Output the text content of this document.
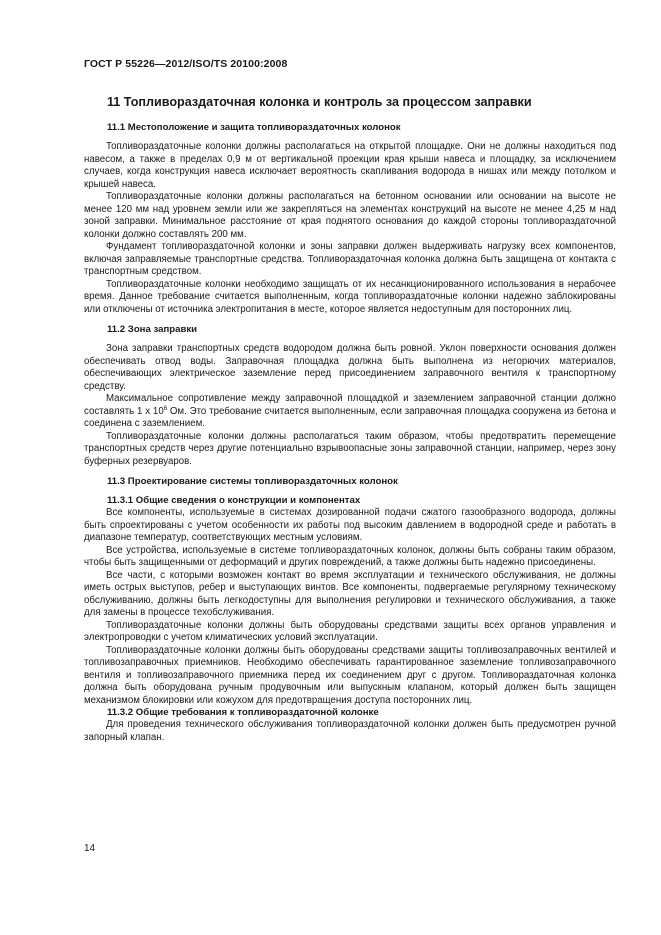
ГОСТ Р 55226—2012/ISO/TS 20100:2008
11 Топливораздаточная колонка и контроль за процессом заправки
11.1 Местоположение и защита топливораздаточных колонок

Топливораздаточные колонки должны располагаться на открытой площадке. Они не должны находиться под навесом, а также в пределах 0,9 м от вертикальной проекции края крыши навеса и площадку, за исключением случаев, когда конструкция навеса исключает вероятность скапливания водорода в нишах или между потолком и крышей навеса.

Топливораздаточные колонки должны располагаться на бетонном основании или основании на высоте не менее 120 мм над уровнем земли или же закрепляться на элементах конструкций на высоте не менее 4,25 м над зоной заправки. Минимальное расстояние от края поднятого основания до каждой стороны топливораздаточной колонки должно составлять 200 мм.

Фундамент топливораздаточной колонки и зоны заправки должен выдерживать нагрузку всех компонентов, включая заправляемые транспортные средства. Топливораздаточная колонка должна быть защищена от контакта с транспортным средством.

Топливораздаточные колонки необходимо защищать от их несанкционированного использования в нерабочее время. Данное требование считается выполненным, когда топливораздаточные колонки надежно заблокированы или отключены от источника электропитания в месте, которое является недоступным для посторонних лиц.

11.2 Зона заправки

Зона заправки транспортных средств водородом должна быть ровной. Уклон поверхности основания должен обеспечивать отвод воды. Заправочная площадка должна быть выполнена из негорючих материалов, обеспечивающих электрическое заземление перед присоединением заправочного вентиля к транспортному средству.

Максимальное сопротивление между заправочной площадкой и заземлением заправочной станции должно составлять 1 x $10^6$ Ом. Это требование считается выполненным, если заправочная площадка сооружена из бетона и соединена с заземлением.

Топливораздаточные колонки должны располагаться таким образом, чтобы предотвратить перемещение транспортных средств через другие потенциально взрывоопасные зоны заправочной станции, например, через зону буферных резервуаров.

11.3 Проектирование системы топливораздаточных колонок
11.3.1 Общие сведения о конструкции и компонентах

Все компоненты, используемые в системах дозированной подачи сжатого газообразного водорода, должны быть спроектированы с учетом особенности их работы под высоким давлением в водородной среде и работать в диапазоне температур, соответствующих местным условиям.

Все устройства, используемые в системе топливораздаточных колонок, должны быть собраны таким образом, чтобы быть защищенными от деформаций и других повреждений, а также должны быть надежно присоединены.

Все части, с которыми возможен контакт во время эксплуатации и технического обслуживания, не должны иметь острых выступов, ребер и выступающих винтов. Все компоненты, подвергаемые регулярному техническому обслуживанию, должны быть легкодоступны для выполнения регулировки и технического обслуживания, а также для замены в процессе техобслуживания.

Топливораздаточные колонки должны быть оборудованы средствами защиты всех органов управления и электропроводки с учетом климатических условий эксплуатации.

Топливораздаточные колонки должны быть оборудованы средствами защиты топливозаправочных вентилей и топливозаправочных приемников. Необходимо обеспечивать гарантированное заземление топливозаправочного вентиля и топливозаправочного приемника перед их соединением друг с другом. Топливораздаточная колонка должна быть оборудована ручным продувочным или выпускным клапаном, который должен быть защищен механизмом блокировки или кожухом для предотвращения доступа посторонних лиц.

11.3.2 Общие требования к топливораздаточной колонке

Для проведения технического обслуживания топливораздаточной колонки должен быть предусмотрен ручной запорный клапан.

14
